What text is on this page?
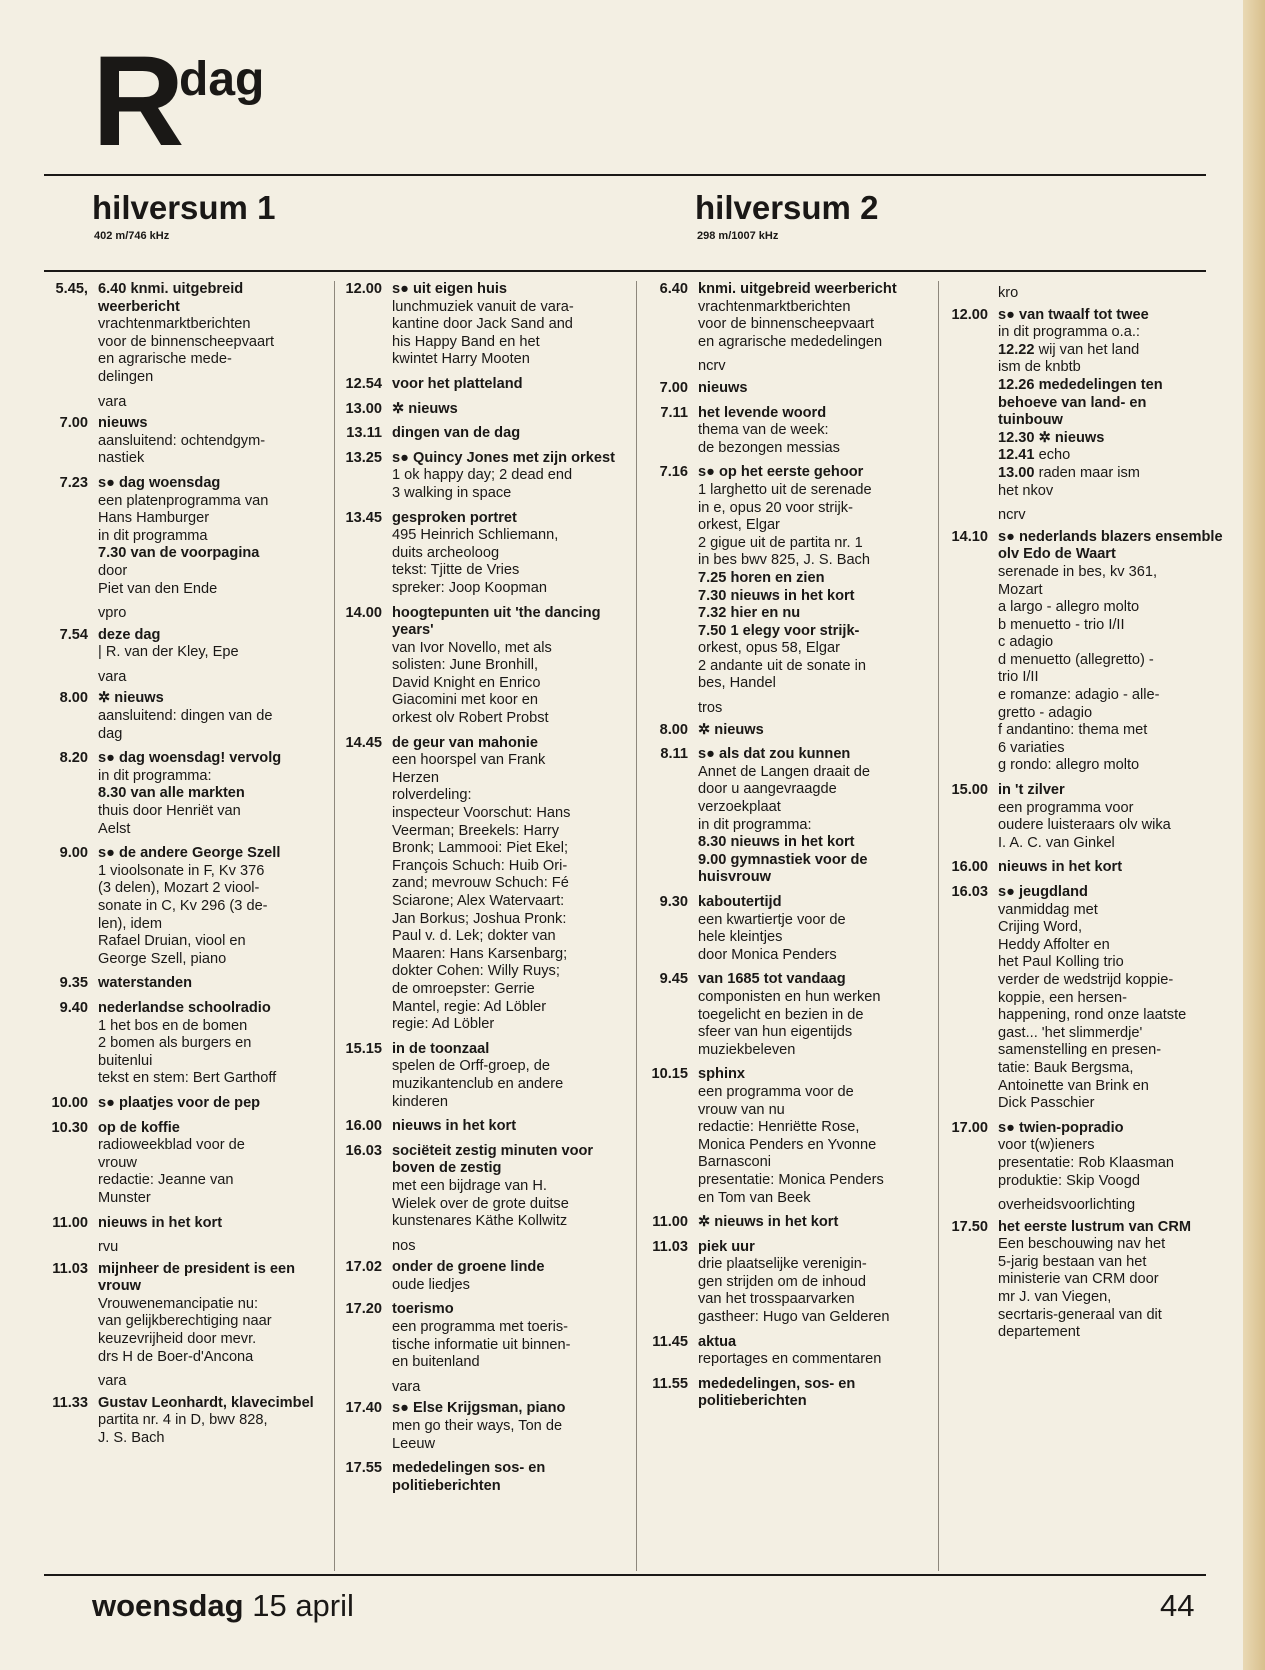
R
dag
hilversum 1
402 m/746 kHz
hilversum 2
298 m/1007 kHz
5.45, 6.40 knmi. uitgebreid weerbericht
vrachtenmarktberichten
voor de binnenscheepvaart
en agrarische mede-
delingen
vara
7.00 nieuws
aansluitend: ochtendgym-
nastiek
7.23 s● dag woensdag
een platenprogramma van
Hans Hamburger
in dit programma
7.30 van de voorpagina
door
Piet van den Ende
vpro
7.54 deze dag
| R. van der Kley, Epe
vara
8.00 ✲ nieuws
aansluitend: dingen van de
dag
8.20 s● dag woensdag! vervolg
in dit programma:
8.30 van alle markten
thuis door Henriët van
Aelst
9.00 s● de andere George Szell
1 vioolsonate in F, Kv 376
(3 delen), Mozart 2 viool-
sonate in C, Kv 296 (3 de-
len), idem
Rafael Druian, viool en
George Szell, piano
9.35 waterstanden
9.40 nederlandse schoolradio
1 het bos en de bomen
2 bomen als burgers en
buitenlui
tekst en stem: Bert Garthoff
10.00 s● plaatjes voor de pep
10.30 op de koffie
radioweekblad voor de
vrouw
redactie: Jeanne van
Munster
11.00 nieuws in het kort
rvu
11.03 mijnheer de president is een vrouw
Vrouwenemancipatie nu:
van gelijkberechtiging naar
keuzevrijheid door mevr.
drs H de Boer-d'Ancona
vara
11.33 Gustav Leonhardt, klavecimbel
partita nr. 4 in D, bwv 828,
J. S. Bach
12.00 s● uit eigen huis
lunchmuziek vanuit de vara-
kantine door Jack Sand and
his Happy Band en het
kwintet Harry Mooten
12.54 voor het platteland
13.00 ✲ nieuws
13.11 dingen van de dag
13.25 s● Quincy Jones met zijn orkest
1 ok happy day; 2 dead end
3 walking in space
13.45 gesproken portret
495 Heinrich Schliemann,
duits archeoloog
tekst: Tjitte de Vries
spreker: Joop Koopman
14.00 hoogtepunten uit 'the dancing years'
van Ivor Novello, met als
solisten: June Bronhill,
David Knight en Enrico
Giacomini met koor en
orkest olv Robert Probst
14.45 de geur van mahonie
een hoorspel van Frank
Herzen
rolverdeling:
inspecteur Voorschut: Hans
Veerman; Breekels: Harry
Bronk; Lammooi: Piet Ekel;
François Schuch: Huib Ori-
zand; mevrouw Schuch: Fé
Sciarone; Alex Watervaart:
Jan Borkus; Joshua Pronk:
Paul v. d. Lek; dokter van
Maaren: Hans Karsenbarg;
dokter Cohen: Willy Ruys;
de omroepster: Gerrie
Mantel, regie: Ad Löbler
regie: Ad Löbler
15.15 in de toonzaal
spelen de Orff-groep, de
muzikantenclub en andere
kinderen
16.00 nieuws in het kort
16.03 sociëteit zestig minuten voor boven de zestig
met een bijdrage van H.
Wielek over de grote duitse
kunstenares Käthe Kollwitz
nos
17.02 onder de groene linde
oude liedjes
17.20 toerismo
een programma met toeris-
tische informatie uit binnen-
en buitenland
vara
17.40 s● Else Krijgsman, piano
men go their ways, Ton de
Leeuw
17.55 mededelingen sos- en politieberichten
6.40 knmi. uitgebreid weerbericht
vrachtenmarktberichten
voor de binnenscheepvaart
en agrarische mededelingen
ncrv
7.00 nieuws
7.11 het levende woord
thema van de week:
de bezongen messias
7.16 s● op het eerste gehoor
1 larghetto uit de serenade
in e, opus 20 voor strijk-
orkest, Elgar
2 gigue uit de partita nr. 1
in bes bwv 825, J. S. Bach
7.25 horen en zien
7.30 nieuws in het kort
7.32 hier en nu
7.50 1 elegy voor strijk-
orkest, opus 58, Elgar
2 andante uit de sonate in
bes, Handel
tros
8.00 ✲ nieuws
8.11 s● als dat zou kunnen
Annet de Langen draait de
door u aangevraagde
verzoekplaat
in dit programma:
8.30 nieuws in het kort
9.00 gymnastiek voor de huisvrouw
9.30 kaboutertijd
een kwartiertje voor de
hele kleintjes
door Monica Penders
9.45 van 1685 tot vandaag
componisten en hun werken
toegelicht en bezien in de
sfeer van hun eigentijds
muziekbeleven
10.15 sphinx
een programma voor de
vrouw van nu
redactie: Henriëtte Rose,
Monica Penders en Yvonne
Barnasconi
presentatie: Monica Penders
en Tom van Beek
11.00 ✲ nieuws in het kort
11.03 piek uur
drie plaatselijke verenigin-
gen strijden om de inhoud
van het trosspaarvarken
gastheer: Hugo van Gelderen
11.45 aktua
reportages en commentaren
11.55 mededelingen, sos- en politieberichten
kro
12.00 s● van twaalf tot twee
in dit programma o.a.:
12.22 wij van het land
ism de knbtb
12.26 mededelingen ten
behoeve van land- en
tuinbouw
12.30 ✲ nieuws
12.41 echo
13.00 raden maar ism
het nkov
ncrv
14.10 s● nederlands blazers ensemble olv Edo de Waart
serenade in bes, kv 361,
Mozart
a largo - allegro molto
b menuetto - trio I/II
c adagio
d menuetto (allegretto) -
trio I/II
e romanze: adagio - alle-
gretto - adagio
f andantino: thema met
6 variaties
g rondo: allegro molto
15.00 in 't zilver
een programma voor
oudere luisteraars olv wika
I. A. C. van Ginkel
16.00 nieuws in het kort
16.03 s● jeugdland
vanmiddag met
Crijing Word,
Heddy Affolter en
het Paul Kolling trio
verder de wedstrijd koppie-
koppie, een hersen-
happening, rond onze laatste
gast... 'het slimmerdje'
samenstelling en presen-
tatie: Bauk Bergsma,
Antoinette van Brink en
Dick Passchier
17.00 s● twien-popradio
voor t(w)ieners
presentatie: Rob Klaasman
produktie: Skip Voogd
overheidsvoorlichting
17.50 het eerste lustrum van CRM
Een beschouwing nav het
5-jarig bestaan van het
ministerie van CRM door
mr J. van Viegen,
secrtaris-generaal van dit
departement
woensdag 15 april	44
